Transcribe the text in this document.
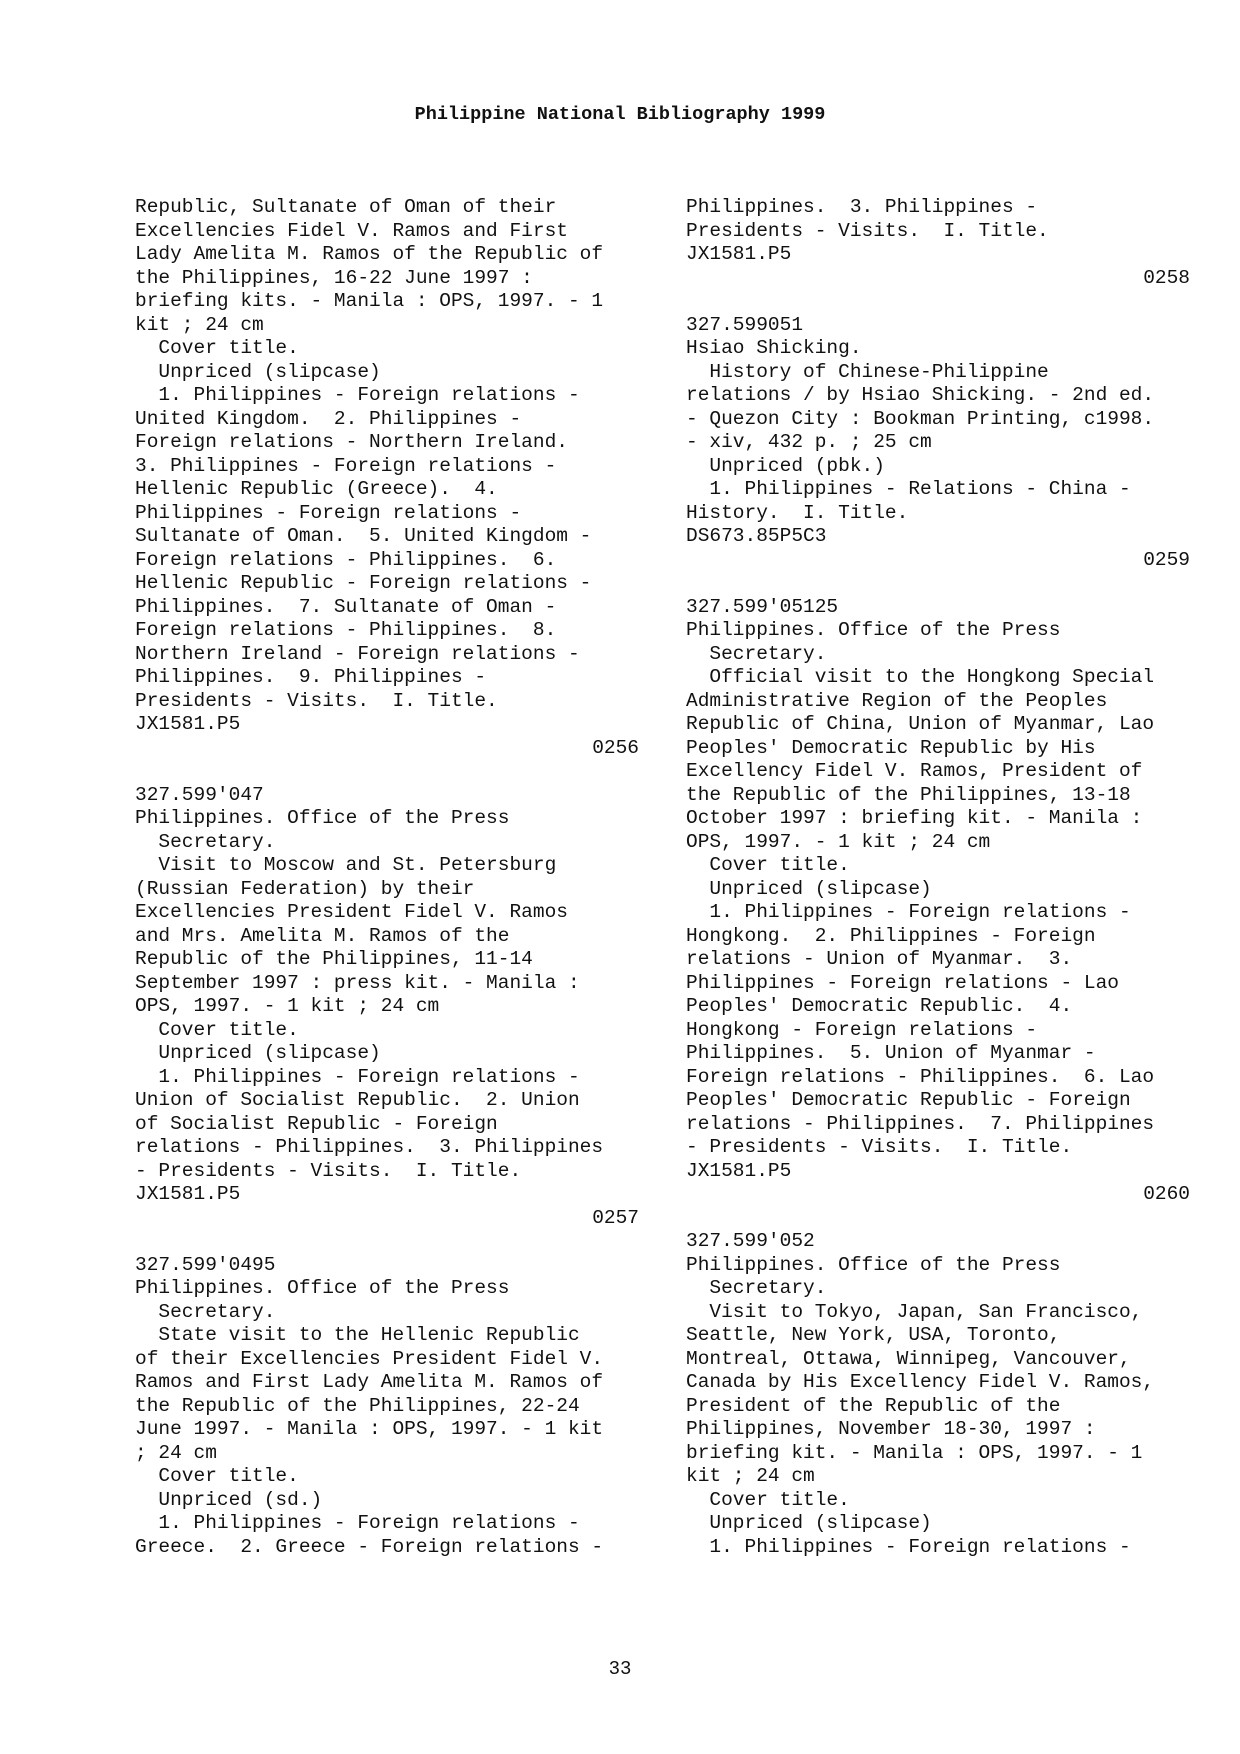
Philippine National Bibliography 1999
Republic, Sultanate of Oman of their
Excellencies Fidel V. Ramos and First
Lady Amelita M. Ramos of the Republic of
the Philippines, 16-22 June 1997 :
briefing kits. - Manila : OPS, 1997. - 1
kit ; 24 cm
Cover title.
Unpriced (slipcase)
1. Philippines - Foreign relations -
United Kingdom.  2. Philippines -
Foreign relations - Northern Ireland.
3. Philippines - Foreign relations -
Hellenic Republic (Greece).  4.
Philippines - Foreign relations -
Sultanate of Oman.  5. United Kingdom -
Foreign relations - Philippines.  6.
Hellenic Republic - Foreign relations -
Philippines.  7. Sultanate of Oman -
Foreign relations - Philippines.  8.
Northern Ireland - Foreign relations -
Philippines.  9. Philippines -
Presidents - Visits.  I. Title.
JX1581.P5
0256
327.599'047
Philippines. Office of the Press
Secretary.
Visit to Moscow and St. Petersburg
(Russian Federation) by their
Excellencies President Fidel V. Ramos
and Mrs. Amelita M. Ramos of the
Republic of the Philippines, 11-14
September 1997 : press kit. - Manila :
OPS, 1997. - 1 kit ; 24 cm
Cover title.
Unpriced (slipcase)
1. Philippines - Foreign relations -
Union of Socialist Republic.  2. Union
of Socialist Republic - Foreign
relations - Philippines.  3. Philippines
- Presidents - Visits.  I. Title.
JX1581.P5
0257
327.599'0495
Philippines. Office of the Press
Secretary.
State visit to the Hellenic Republic
of their Excellencies President Fidel V.
Ramos and First Lady Amelita M. Ramos of
the Republic of the Philippines, 22-24
June 1997. - Manila : OPS, 1997. - 1 kit
; 24 cm
Cover title.
Unpriced (sd.)
1. Philippines - Foreign relations -
Greece.  2. Greece - Foreign relations -
Philippines.  3. Philippines -
Presidents - Visits.  I. Title.
JX1581.P5
0258
327.599051
Hsiao Shicking.
History of Chinese-Philippine
relations / by Hsiao Shicking. - 2nd ed.
- Quezon City : Bookman Printing, c1998.
- xiv, 432 p. ; 25 cm
Unpriced (pbk.)
1. Philippines - Relations - China -
History.  I. Title.
DS673.85P5C3
0259
327.599'05125
Philippines. Office of the Press
Secretary.
Official visit to the Hongkong Special
Administrative Region of the Peoples
Republic of China, Union of Myanmar, Lao
Peoples' Democratic Republic by His
Excellency Fidel V. Ramos, President of
the Republic of the Philippines, 13-18
October 1997 : briefing kit. - Manila :
OPS, 1997. - 1 kit ; 24 cm
Cover title.
Unpriced (slipcase)
1. Philippines - Foreign relations -
Hongkong.  2. Philippines - Foreign
relations - Union of Myanmar.  3.
Philippines - Foreign relations - Lao
Peoples' Democratic Republic.  4.
Hongkong - Foreign relations -
Philippines.  5. Union of Myanmar -
Foreign relations - Philippines.  6. Lao
Peoples' Democratic Republic - Foreign
relations - Philippines.  7. Philippines
- Presidents - Visits.  I. Title.
JX1581.P5
0260
327.599'052
Philippines. Office of the Press
Secretary.
Visit to Tokyo, Japan, San Francisco,
Seattle, New York, USA, Toronto,
Montreal, Ottawa, Winnipeg, Vancouver,
Canada by His Excellency Fidel V. Ramos,
President of the Republic of the
Philippines, November 18-30, 1997 :
briefing kit. - Manila : OPS, 1997. - 1
kit ; 24 cm
Cover title.
Unpriced (slipcase)
1. Philippines - Foreign relations -
33
